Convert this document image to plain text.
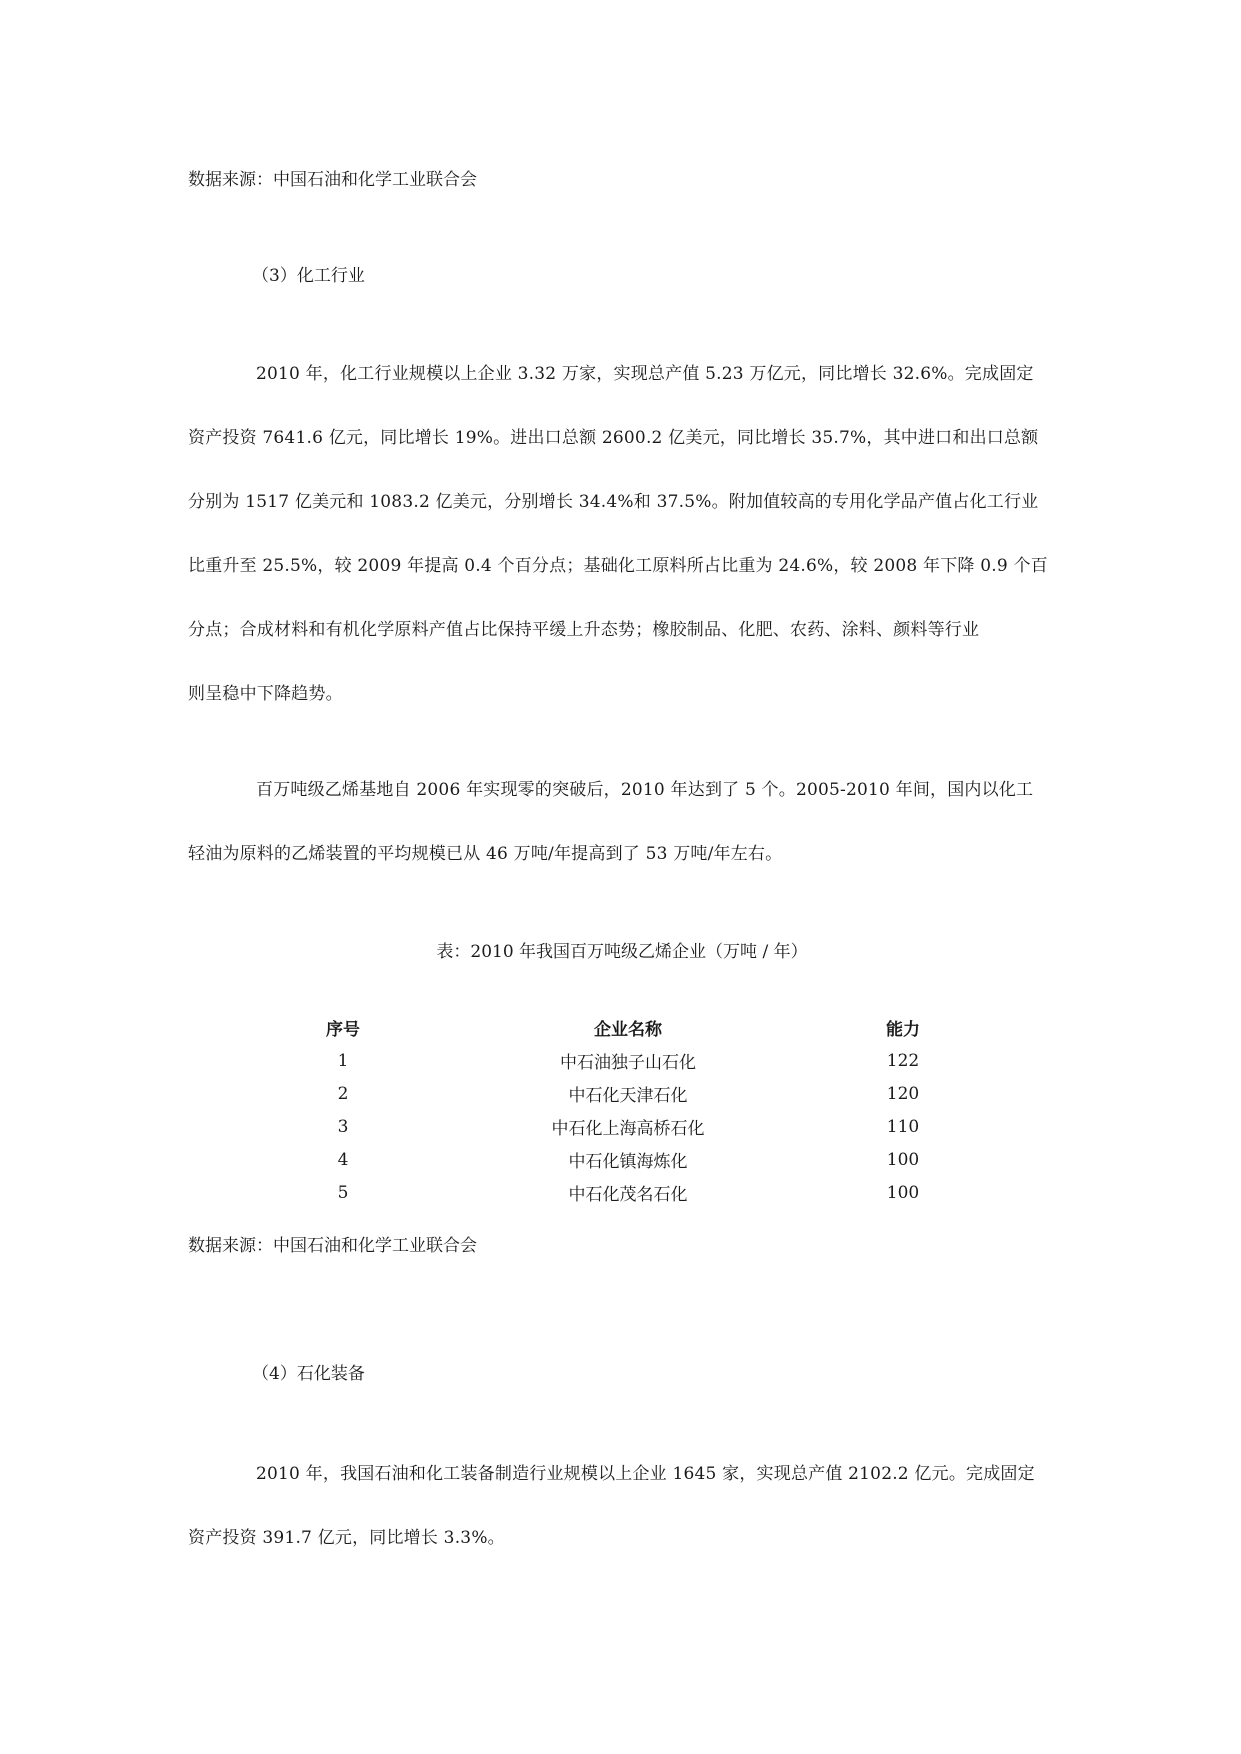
数据来源：中国石油和化学工业联合会
（3）化工行业
2010 年，化工行业规模以上企业 3.32 万家，实现总产值 5.23 万亿元，同比增长 32.6%。完成固定
资产投资 7641.6 亿元，同比增长 19%。进出口总额 2600.2 亿美元，同比增长 35.7%，其中进口和出口总额
分别为 1517 亿美元和 1083.2 亿美元，分别增长 34.4%和 37.5%。附加值较高的专用化学品产值占化工行业
比重升至 25.5%，较 2009 年提高 0.4 个百分点；基础化工原料所占比重为 24.6%，较 2008 年下降 0.9 个百
分点；合成材料和有机化学原料产值占比保持平缓上升态势；橡胶制品、化肥、农药、涂料、颜料等行业
则呈稳中下降趋势。
百万吨级乙烯基地自 2006 年实现零的突破后，2010 年达到了 5 个。2005-2010 年间，国内以化工
轻油为原料的乙烯装置的平均规模已从 46 万吨/年提高到了 53 万吨/年左右。
表：2010 年我国百万吨级乙烯企业（万吨 / 年）
序号	企业名称	能力
1	中石油独子山石化	122
2	中石化天津石化	120
3	中石化上海高桥石化	110
4	中石化镇海炼化	100
5	中石化茂名石化	100
数据来源：中国石油和化学工业联合会
（4）石化装备
2010 年，我国石油和化工装备制造行业规模以上企业 1645 家，实现总产值 2102.2 亿元。完成固定
资产投资 391.7 亿元，同比增长 3.3%。
